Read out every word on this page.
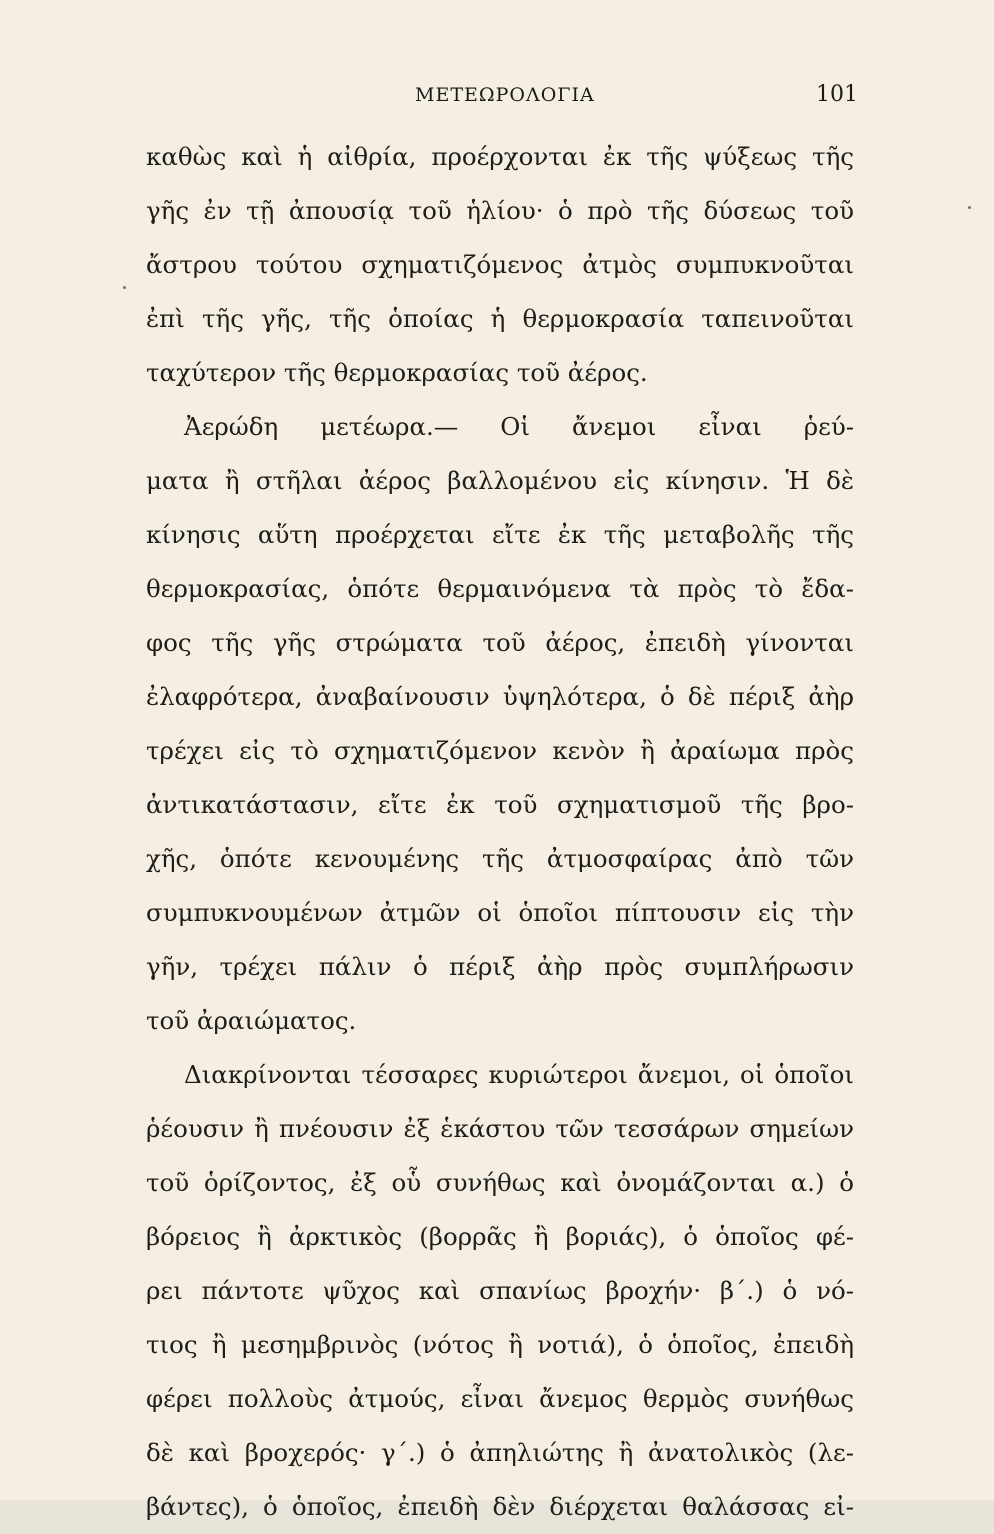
ΜΕΤΕΩΡΟΛΟΓΙΑ	101
καθὼς καὶ ἡ αἰθρία, προέρχονται ἐκ τῆς ψύξεως τῆς
γῆς ἐν τῇ ἀπουσίᾳ τοῦ ἡλίου· ὁ πρὸ τῆς δύσεως τοῦ
ἄστρου τούτου σχηματιζόμενος ἀτμὸς συμπυκνοῦται
ἐπὶ τῆς γῆς, τῆς ὁποίας ἡ θερμοκρασία ταπεινοῦται
ταχύτερον τῆς θερμοκρασίας τοῦ ἀέρος.
Ἀερώδη μετέωρα.— Οἱ ἄνεμοι εἶναι ῥεύ-
ματα ἢ στῆλαι ἀέρος βαλλομένου εἰς κίνησιν. Ἡ δὲ
κίνησις αὕτη προέρχεται εἴτε ἐκ τῆς μεταβολῆς τῆς
θερμοκρασίας, ὁπότε θερμαινόμενα τὰ πρὸς τὸ ἔδα-
φος τῆς γῆς στρώματα τοῦ ἀέρος, ἐπειδὴ γίνονται
ἐλαφρότερα, ἀναβαίνουσιν ὑψηλότερα, ὁ δὲ πέριξ ἀὴρ
τρέχει εἰς τὸ σχηματιζόμενον κενὸν ἢ ἀραίωμα πρὸς
ἀντικατάστασιν, εἴτε ἐκ τοῦ σχηματισμοῦ τῆς βρο-
χῆς, ὁπότε κενουμένης τῆς ἀτμοσφαίρας ἀπὸ τῶν
συμπυκνουμένων ἀτμῶν οἱ ὁποῖοι πίπτουσιν εἰς τὴν
γῆν, τρέχει πάλιν ὁ πέριξ ἀὴρ πρὸς συμπλήρωσιν
τοῦ ἀραιώματος.
Διακρίνονται τέσσαρες κυριώτεροι ἄνεμοι, οἱ ὁποῖοι
ῥέουσιν ἢ πνέουσιν ἐξ ἑκάστου τῶν τεσσάρων σημείων
τοῦ ὁρίζοντος, ἐξ οὗ συνήθως καὶ ὀνομάζονται α.) ὁ
βόρειος ἢ ἀρκτικὸς (βορρᾶς ἢ βοριάς), ὁ ὁποῖος φέ-
ρει πάντοτε ψῦχος καὶ σπανίως βροχήν· β΄.) ὁ νό-
τιος ἢ μεσημβρινὸς (νότος ἢ νοτιά), ὁ ὁποῖος, ἐπειδὴ
φέρει πολλοὺς ἀτμούς, εἶναι ἄνεμος θερμὸς συνήθως
δὲ καὶ βροχερός· γ΄.) ὁ ἀπηλιώτης ἢ ἀνατολικὸς (λε-
βάντες), ὁ ὁποῖος, ἐπειδὴ δὲν διέρχεται θαλάσσας εἰ-
